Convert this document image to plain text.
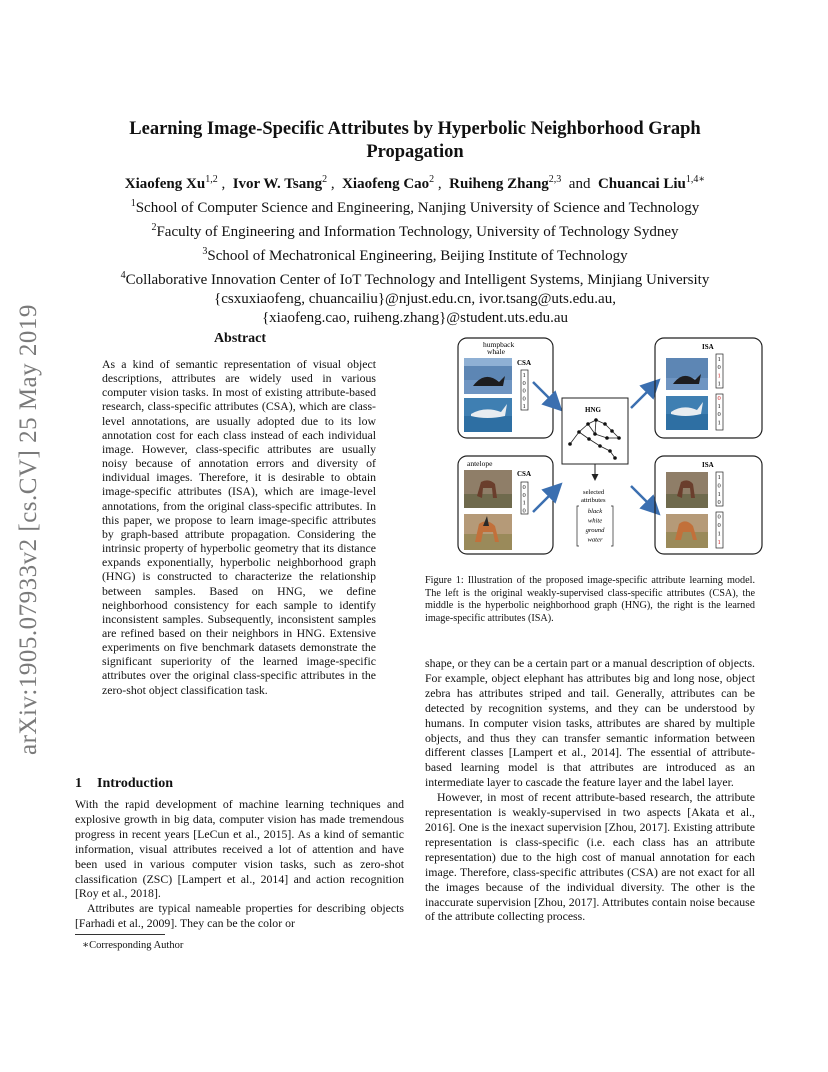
arXiv:1905.07933v2 [cs.CV] 25 May 2019
Learning Image-Specific Attributes by Hyperbolic Neighborhood Graph
Propagation
Xiaofeng Xu$^{1,2}$ ,  Ivor W. Tsang$^2$ ,  Xiaofeng Cao$^2$ ,  Ruiheng Zhang$^{2,3}$ and Chuancai Liu$^{1,4∗}$
$^1$School of Computer Science and Engineering, Nanjing University of Science and Technology
$^2$Faculty of Engineering and Information Technology, University of Technology Sydney
$^3$School of Mechatronical Engineering, Beijing Institute of Technology
$^4$Collaborative Innovation Center of IoT Technology and Intelligent Systems, Minjiang University
{csxuxiaofeng, chuancailiu}@njust.edu.cn, ivor.tsang@uts.edu.au,
{xiaofeng.cao, ruiheng.zhang}@student.uts.edu.au
Abstract
As a kind of semantic representation of visual object descriptions, attributes are widely used in various computer vision tasks. In most of existing attribute-based research, class-specific attributes (CSA), which are class-level annotations, are usually adopted due to its low annotation cost for each class instead of each individual image. However, class-specific attributes are usually noisy because of annotation errors and diversity of individual images. Therefore, it is desirable to obtain image-specific attributes (ISA), which are image-level annotations, from the original class-specific attributes. In this paper, we propose to learn image-specific attributes by graph-based attribute propagation. Considering the intrinsic property of hyperbolic geometry that its distance expands exponentially, hyperbolic neighborhood graph (HNG) is constructed to characterize the relationship between samples. Based on HNG, we define neighborhood consistency for each sample to identify inconsistent samples. Subsequently, inconsistent samples are refined based on their neighbors in HNG. Extensive experiments on five benchmark datasets demonstrate the significant superiority of the learned image-specific attributes over the original class-specific attributes in the zero-shot object classification task.
1 Introduction

With the rapid development of machine learning techniques and explosive growth in big data, computer vision has made tremendous progress in recent years [LeCun et al., 2015]. As a kind of semantic information, visual attributes received a lot of attention and have been used in various computer vision tasks, such as zero-shot classification (ZSC) [Lampert et al., 2014] and action recognition [Roy et al., 2018].

Attributes are typical nameable properties for describing objects [Farhadi et al., 2009]. They can be the color or

∗Corresponding Author
humpback
whale
CSA
1
0
0
0
1
antelope
CSA
0
0
1
0
HNG
selected
attributes
black
white
ground
water
ISA
1
0
1
1
0
1
0
1
ISA
1
0
1
0
0
0
1
1
Figure 1: Illustration of the proposed image-specific attribute learning model. The left is the original weakly-supervised class-specific attributes (CSA), the middle is the hyperbolic neighborhood graph (HNG), the right is the learned image-specific attributes (ISA).

shape, or they can be a certain part or a manual description of objects. For example, object elephant has attributes big and long nose, object zebra has attributes striped and tail. Generally, attributes can be detected by recognition systems, and they can be understood by humans. In computer vision tasks, attributes are shared by multiple objects, and thus they can transfer semantic information between different classes [Lampert et al., 2014]. The essential of attribute-based learning model is that attributes are introduced as an intermediate layer to cascade the feature layer and the label layer.

However, in most of recent attribute-based research, the attribute representation is weakly-supervised in two aspects [Akata et al., 2016]. One is the inexact supervision [Zhou, 2017]. Existing attribute representation is class-specific (i.e. each class has an attribute representation) due to the high cost of manual annotation for each image. Therefore, class-specific attributes (CSA) are not exact for all the images because of the individual diversity. The other is the inaccurate supervision [Zhou, 2017]. Attributes contain noise because of the attribute collecting process.
